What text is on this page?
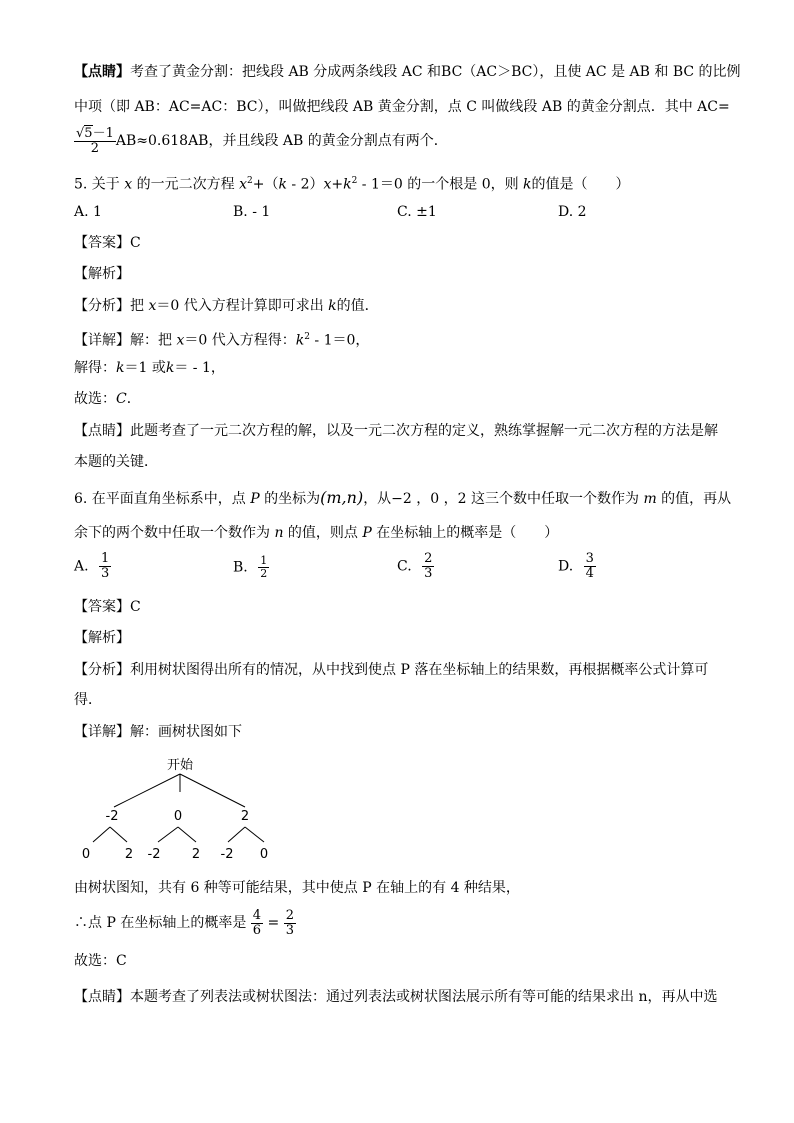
【点睛】考查了黄金分割：把线段 AB 分成两条线段 AC 和BC（AC＞BC），且使 AC 是 AB 和 BC 的比例
中项（即 AB：AC=AC：BC），叫做把线段 AB 黄金分割，点 C 叫做线段 AB 的黄金分割点．其中 AC=
$\frac{√5-1}{2} AB\approx 0.618AB$，并且线段 AB 的黄金分割点有两个．
5. 关于 x 的一元二次方程 $x^2+(k - 2)x+k^2 - 1=0$ 的一个根是 0，则 k的值是（　　）
A. 1	B. - 1	C. ±1	D. 2
【答案】C
【解析】
【分析】把 x＝0 代入方程计算即可求出 k的值．
【详解】解：把 x＝0 代入方程得：$k^2 - 1=0$，
解得：k＝1 或k＝ - 1，
故选：C．
【点睛】此题考查了一元二次方程的解，以及一元二次方程的定义，熟练掌握解一元二次方程的方法是解
本题的关键．
6. 在平面直角坐标系中，点 P 的坐标为(m,n)，从−2 ，0 ，2 这三个数中任取一个数作为 m 的值，再从
余下的两个数中任取一个数作为 n 的值，则点 P 在坐标轴上的概率是（　　）
A. $\frac{1}{3}$	B. $\frac{1}{2}$	C. $\frac{2}{3}$	D. $\frac{3}{4}$
【答案】C
【解析】
【分析】利用树状图得出所有的情况，从中找到使点 P 落在坐标轴上的结果数，再根据概率公式计算可
得．
【详解】解：画树状图如下
开始
-2	0	2
0	2 -2 2 -2 0
由树状图知，共有 6 种等可能结果，其中使点 P 在轴上的有 4 种结果，
∴点 P 在坐标轴上的概率是 $\frac{4}{6} = \frac{2}{3}$
故选：C
【点睛】本题考查了列表法或树状图法：通过列表法或树状图法展示所有等可能的结果求出 n，再从中选
